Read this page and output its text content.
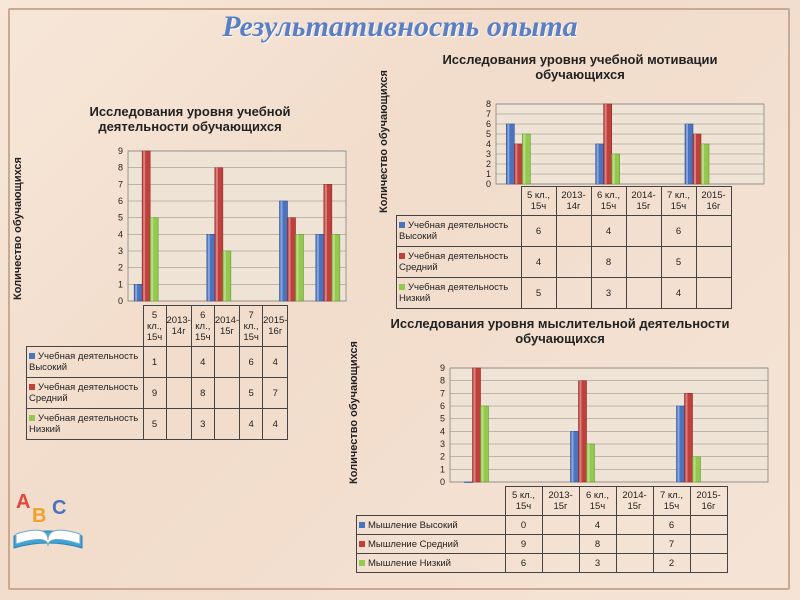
Результативность опыта
Исследования уровня учебной деятельности обучающихся
Количество обучающихся
0
1
2
3
4
5
6
7
8
9
Исследования уровня учебной мотивации обучающихся
Количество обучающихся	0
1
2
3
4
5
6
7
8
Исследования уровня мыслительной деятельности обучающихся
Количество обучающихся	0
1
2
3
4
5
6
7
8
9
A
B C
	5 кл., 15ч	2013-14г	6 кл., 15ч	2014-15г	7 кл., 15ч	2015-16г
Учебная деятельность Высокий	1		4		6	4
Учебная деятельность Средний	9		8		5	7
Учебная деятельность Низкий	5		3		4	4
	5 кл., 15ч	2013-14г	6 кл., 15ч	2014-15г	7 кл., 15ч	2015-16г
Учебная деятельность Высокий	6		4		6	
Учебная деятельность Средний	4		8		5	
Учебная деятельность Низкий	5		3		4	
	5 кл., 15ч	2013-15г	6 кл., 15ч	2014-15г	7 кл., 15ч	2015-16г
Мышление Высокий	0		4		6	
Мышление Средний	9		8		7	
Мышление Низкий	6		3		2	
